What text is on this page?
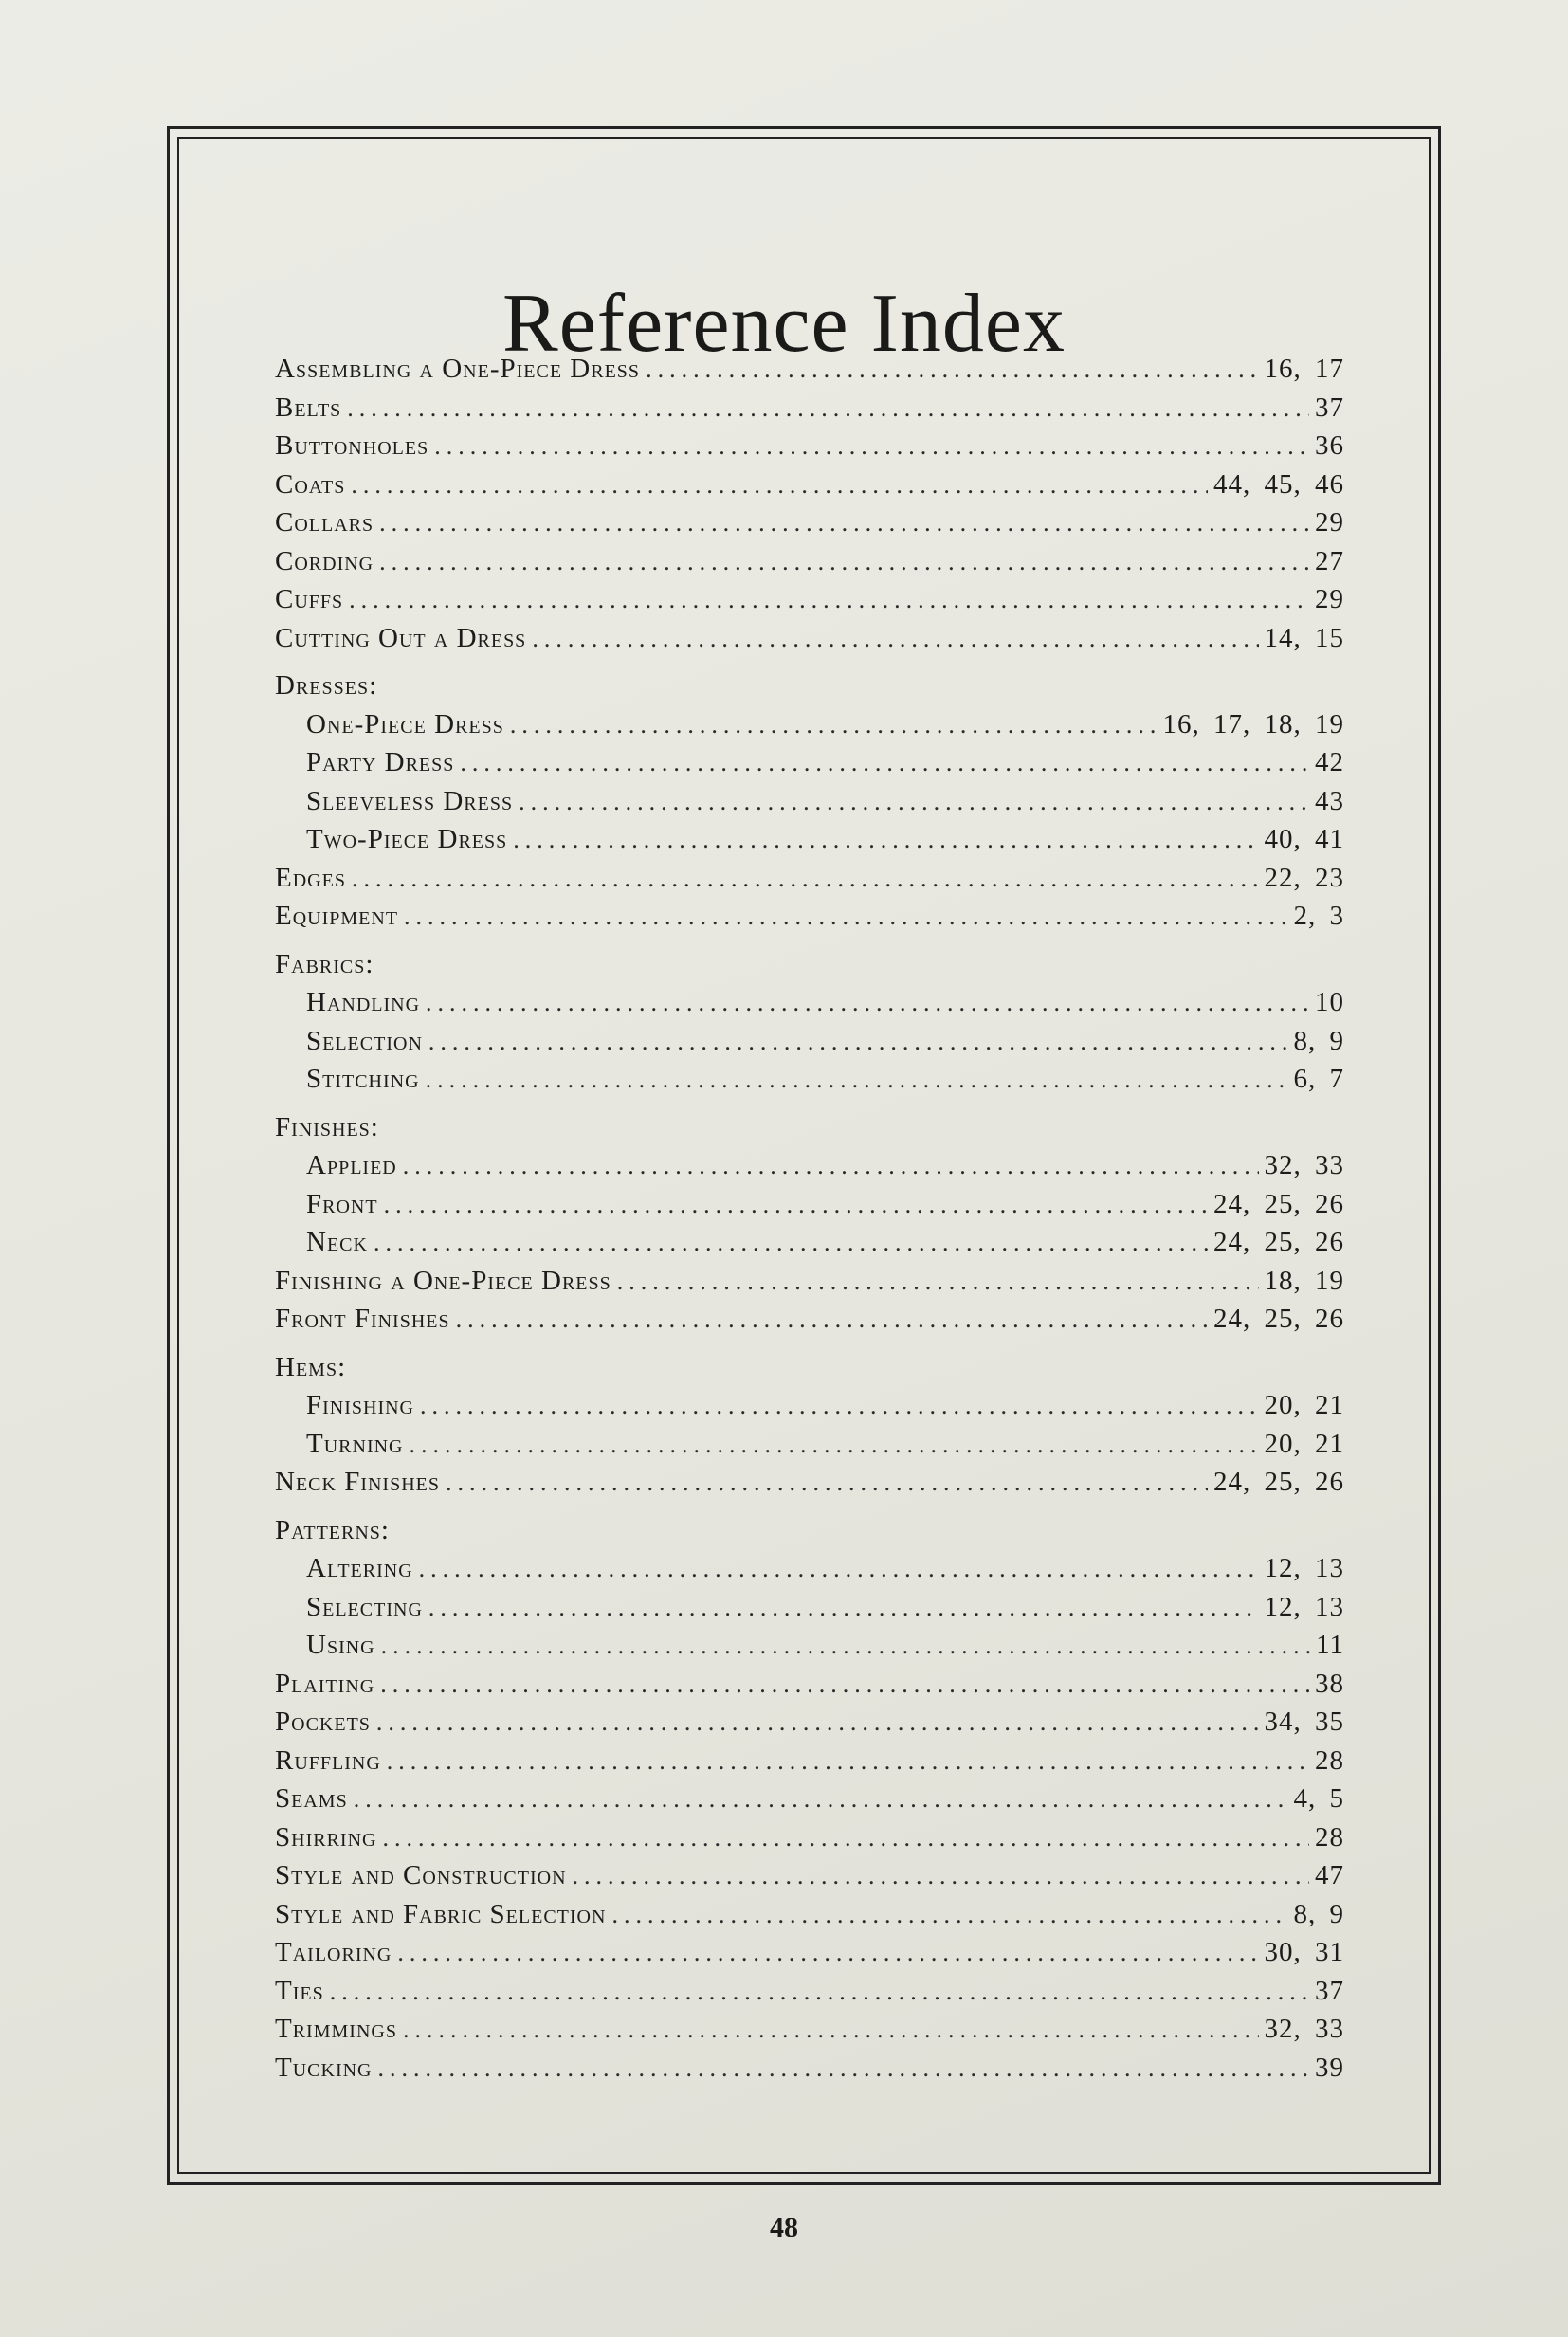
Reference Index
Assembling a One-Piece Dress .....	16, 17
Belts .....	37
Buttonholes .....	36
Coats .....	44, 45, 46
Collars .....	29
Cording .....	27
Cuffs .....	29
Cutting Out a Dress .....	14, 15
Dresses:
One-Piece Dress .....	16, 17, 18, 19
Party Dress .....	42
Sleeveless Dress .....	43
Two-Piece Dress .....	40, 41
Edges .....	22, 23
Equipment .....	2, 3
Fabrics:
Handling .....	10
Selection .....	8, 9
Stitching .....	6, 7
Finishes:
Applied .....	32, 33
Front .....	24, 25, 26
Neck .....	24, 25, 26
Finishing a One-Piece Dress .....	18, 19
Front Finishes .....	24, 25, 26
Hems:
Finishing .....	20, 21
Turning .....	20, 21
Neck Finishes .....	24, 25, 26
Patterns:
Altering .....	12, 13
Selecting .....	12, 13
Using .....	11
Plaiting .....	38
Pockets .....	34, 35
Ruffling .....	28
Seams .....	4, 5
Shirring .....	28
Style and Construction .....	47
Style and Fabric Selection .....	8, 9
Tailoring .....	30, 31
Ties .....	37
Trimmings .....	32, 33
Tucking .....	39
48
